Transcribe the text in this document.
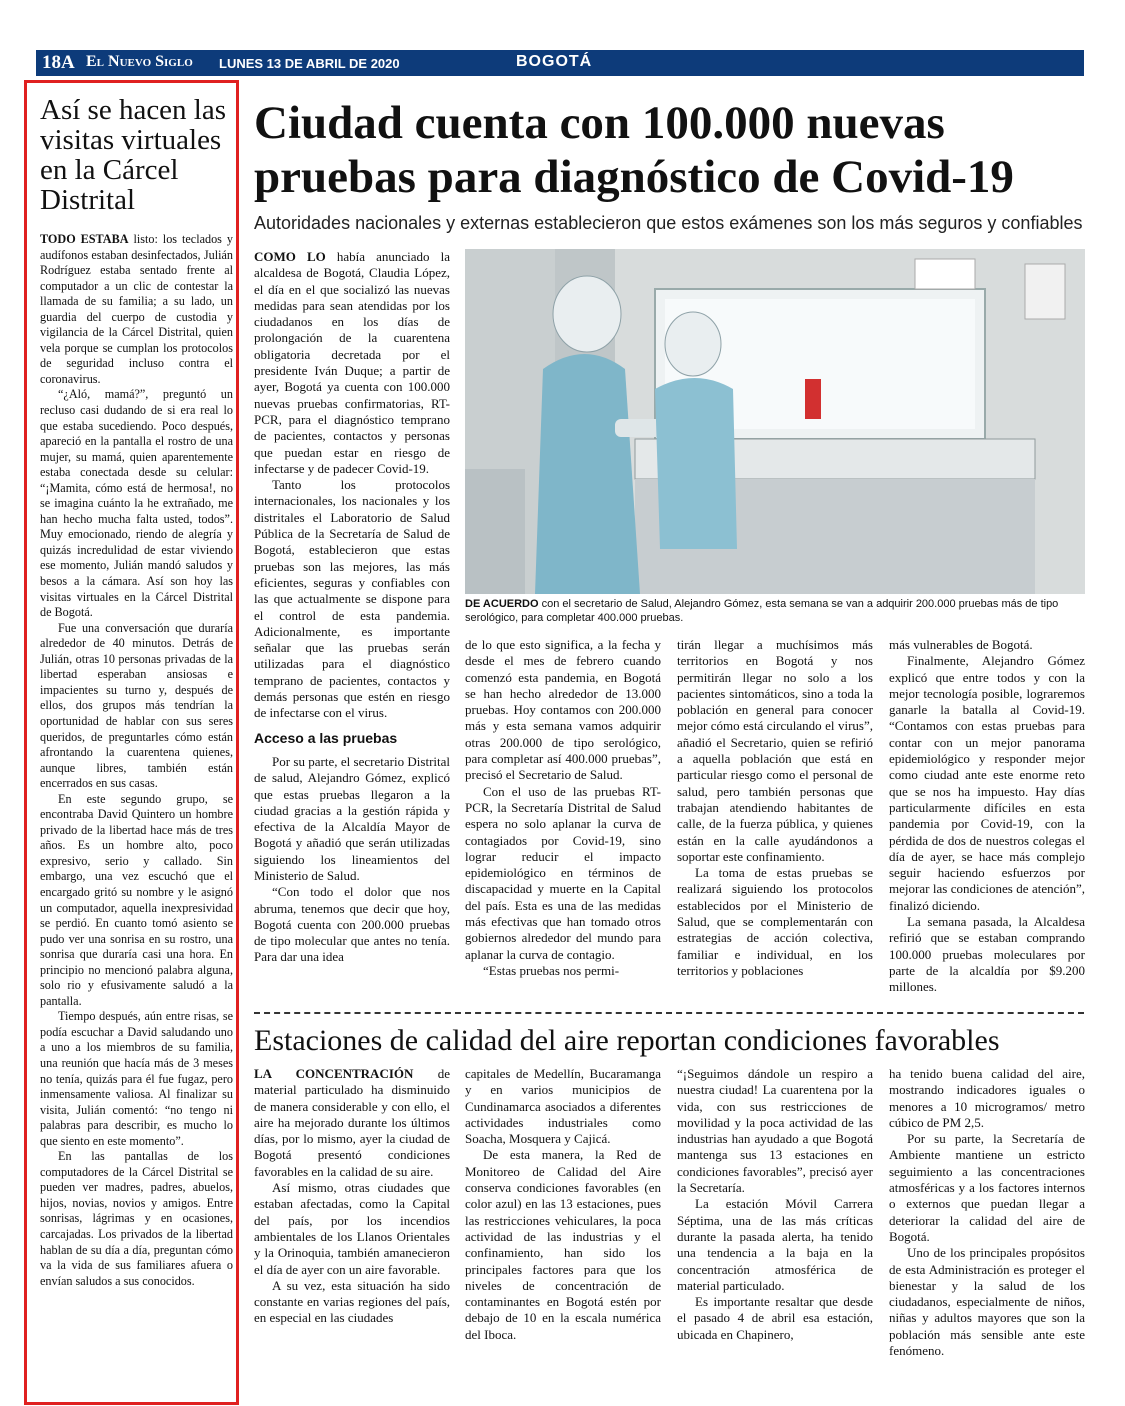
18A El Nuevo Siglo LUNES 13 DE ABRIL DE 2020	BOGOTÁ
Así se hacen las visitas virtuales en la Cárcel Distrital

TODO ESTABA listo: los teclados y audífonos estaban desinfectados, Julián Rodríguez estaba sentado frente al computador a un clic de contestar la llamada de su familia; a su lado, un guardia del cuerpo de custodia y vigilancia de la Cárcel Distrital, quien vela porque se cumplan los protocolos de seguridad incluso contra el coronavirus.

“¿Aló, mamá?”, preguntó un recluso casi dudando de si era real lo que estaba sucediendo. Poco después, apareció en la pantalla el rostro de una mujer, su mamá, quien aparentemente estaba conectada desde su celular: “¡Mamita, cómo está de hermosa!, no se imagina cuánto la he extrañado, me han hecho mucha falta usted, todos”. Muy emocionado, riendo de alegría y quizás incredulidad de estar viviendo ese momento, Julián mandó saludos y besos a la cámara. Así son hoy las visitas virtuales en la Cárcel Distrital de Bogotá.

Fue una conversación que duraría alrededor de 40 minutos. Detrás de Julián, otras 10 personas privadas de la libertad esperaban ansiosas e impacientes su turno y, después de ellos, dos grupos más tendrían la oportunidad de hablar con sus seres queridos, de preguntarles cómo están afrontando la cuarentena quienes, aunque libres, también están encerrados en sus casas.

En este segundo grupo, se encontraba David Quintero un hombre privado de la libertad hace más de tres años. Es un hombre alto, poco expresivo, serio y callado. Sin embargo, una vez escuchó que el encargado gritó su nombre y le asignó un computador, aquella inexpresividad se perdió. En cuanto tomó asiento se pudo ver una sonrisa en su rostro, una sonrisa que duraría casi una hora. En principio no mencionó palabra alguna, solo rio y efusivamente saludó a la pantalla.

Tiempo después, aún entre risas, se podía escuchar a David saludando uno a uno a los miembros de su familia, una reunión que hacía más de 3 meses no tenía, quizás para él fue fugaz, pero inmensamente valiosa. Al finalizar su visita, Julián comentó: “no tengo ni palabras para describir, es mucho lo que siento en este momento”.

En las pantallas de los computadores de la Cárcel Distrital se pueden ver madres, padres, abuelos, hijos, novias, novios y amigos. Entre sonrisas, lágrimas y en ocasiones, carcajadas. Los privados de la libertad hablan de su día a día, preguntan cómo va la vida de sus familiares afuera o envían saludos a sus conocidos.

Ciudad cuenta con 100.000 nuevas pruebas para diagnóstico de Covid-19
Autoridades nacionales y externas establecieron que estos exámenes son los más seguros y confiables
DE ACUERDO con el secretario de Salud, Alejandro Gómez, esta semana se van a adquirir 200.000 pruebas más de tipo serológico, para completar 400.000 pruebas.

COMO LO había anunciado la alcaldesa de Bogotá, Claudia López, el día en el que socializó las nuevas medidas para sean atendidas por los ciudadanos en los días de prolongación de la cuarentena obligatoria decretada por el presidente Iván Duque; a partir de ayer, Bogotá ya cuenta con 100.000 nuevas pruebas confirmatorias, RT- PCR, para el diagnóstico temprano de pacientes, contactos y personas que puedan estar en riesgo de infectarse y de padecer Covid-19.

Tanto los protocolos internacionales, los nacionales y los distritales el Laboratorio de Salud Pública de la Secretaría de Salud de Bogotá, establecieron que estas pruebas son las mejores, las más eficientes, seguras y confiables con las que actualmente se dispone para el control de esta pandemia. Adicionalmente, es importante señalar que las pruebas serán utilizadas para el diagnóstico temprano de pacientes, contactos y demás personas que estén en riesgo de infectarse con el virus.

Acceso a las pruebas

Por su parte, el secretario Distrital de salud, Alejandro Gómez, explicó que estas pruebas llegaron a la ciudad gracias a la gestión rápida y efectiva de la Alcaldía Mayor de Bogotá y añadió que serán utilizadas siguiendo los lineamientos del Ministerio de Salud.

“Con todo el dolor que nos abruma, tenemos que decir que hoy, Bogotá cuenta con 200.000 pruebas de tipo molecular que antes no tenía. Para dar una idea

de lo que esto significa, a la fecha y desde el mes de febrero cuando comenzó esta pandemia, en Bogotá se han hecho alrededor de 13.000 pruebas. Hoy contamos con 200.000 más y esta semana vamos adquirir otras 200.000 de tipo serológico, para completar así 400.000 pruebas”, precisó el Secretario de Salud.

Con el uso de las pruebas RT-PCR, la Secretaría Distrital de Salud espera no solo aplanar la curva de contagiados por Covid-19, sino lograr reducir el impacto epidemiológico en términos de discapacidad y muerte en la Capital del país. Esta es una de las medidas más efectivas que han tomado otros gobiernos alrededor del mundo para aplanar la curva de contagio.

“Estas pruebas nos permi-

tirán llegar a muchísimos más territorios en Bogotá y nos permitirán llegar no solo a los pacientes sintomáticos, sino a toda la población en general para conocer mejor cómo está circulando el virus”, añadió el Secretario, quien se refirió a aquella población que está en particular riesgo como el personal de salud, pero también personas que trabajan atendiendo habitantes de calle, de la fuerza pública, y quienes están en la calle ayudándonos a soportar este confinamiento.

La toma de estas pruebas se realizará siguiendo los protocolos establecidos por el Ministerio de Salud, que se complementarán con estrategias de acción colectiva, familiar e individual, en los territorios y poblaciones

más vulnerables de Bogotá.

Finalmente, Alejandro Gómez explicó que entre todos y con la mejor tecnología posible, lograremos ganarle la batalla al Covid-19. “Contamos con estas pruebas para contar con un mejor panorama epidemiológico y responder mejor como ciudad ante este enorme reto que se nos ha impuesto. Hay días particularmente difíciles en esta pandemia por Covid-19, con la pérdida de dos de nuestros colegas el día de ayer, se hace más complejo seguir haciendo esfuerzos por mejorar las condiciones de atención”, finalizó diciendo.

La semana pasada, la Alcaldesa refirió que se estaban comprando 100.000 pruebas moleculares por parte de la alcaldía por $9.200 millones.

Estaciones de calidad del aire reportan condiciones favorables

LA CONCENTRACIÓN de material particulado ha disminuido de manera considerable y con ello, el aire ha mejorado durante los últimos días, por lo mismo, ayer la ciudad de Bogotá presentó condiciones favorables en la calidad de su aire.

Así mismo, otras ciudades que estaban afectadas, como la Capital del país, por los incendios ambientales de los Llanos Orientales y la Orinoquia, también amanecieron el día de ayer con un aire favorable.

A su vez, esta situación ha sido constante en varias regiones del país, en especial en las ciudades

capitales de Medellín, Bucaramanga y en varios municipios de Cundinamarca asociados a diferentes actividades industriales como Soacha, Mosquera y Cajicá.

De esta manera, la Red de Monitoreo de Calidad del Aire conserva condiciones favorables (en color azul) en las 13 estaciones, pues las restricciones vehiculares, la poca actividad de las industrias y el confinamiento, han sido los principales factores para que los niveles de concentración de contaminantes en Bogotá estén por debajo de 10 en la escala numérica del Iboca.

“¡Seguimos dándole un respiro a nuestra ciudad! La cuarentena por la vida, con sus restricciones de movilidad y la poca actividad de las industrias han ayudado a que Bogotá mantenga sus 13 estaciones en condiciones favorables”, precisó ayer la Secretaría.

La estación Móvil Carrera Séptima, una de las más críticas durante la pasada alerta, ha tenido una tendencia a la baja en la concentración atmosférica de material particulado.

Es importante resaltar que desde el pasado 4 de abril esa estación, ubicada en Chapinero,

ha tenido buena calidad del aire, mostrando indicadores iguales o menores a 10 microgramos/ metro cúbico de PM 2,5.

Por su parte, la Secretaría de Ambiente mantiene un estricto seguimiento a las concentraciones atmosféricas y a los factores internos o externos que puedan llegar a deteriorar la calidad del aire de Bogotá.

Uno de los principales propósitos de esta Administración es proteger el bienestar y la salud de los ciudadanos, especialmente de niños, niñas y adultos mayores que son la población más sensible ante este fenómeno.
